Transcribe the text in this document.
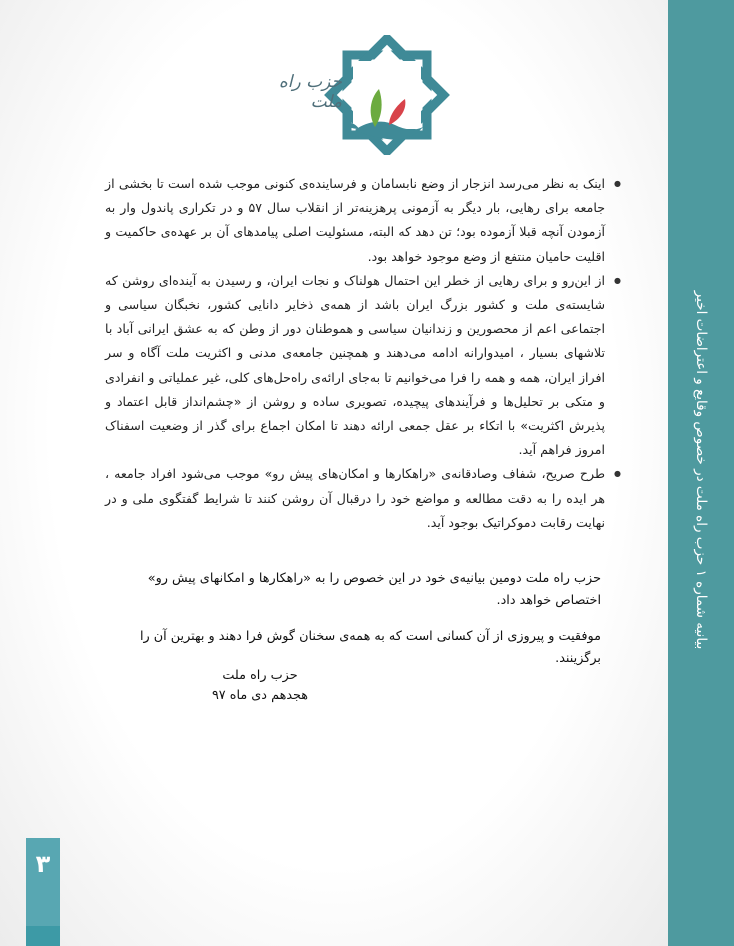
بیانیه شماره ۱ حزب راه ملت در خصوص وقایع و اعتراضات اخیر
حزب راه ملت
● اینک به نظر می‌رسد انزجار از وضع نابسامان و فرساینده‌ی کنونی موجب شده است تا بخشی از جامعه برای رهایی، بار دیگر به آزمونی پرهزینه‌تر از انقلاب سال ۵۷ و در تکراری پاندول وار به آزمودن آنچه قبلا آزموده بود؛ تن دهد که البته، مسئولیت اصلی پیامدهای آن بر عهده‌ی حاکمیت و اقلیت حامیان منتفع از وضع موجود خواهد بود.
● از این‌رو و برای رهایی از خطر این احتمال هولناک و نجات ایران، و رسیدن به آینده‌ای روشن که شایسته‌ی ملت و کشور بزرگ ایران باشد از همه‌ی ذخایر دانایی کشور، نخبگان سیاسی و اجتماعی اعم از محصورین و زندانیان سیاسی و هموطنان دور از وطن که به عشق ایرانی آباد با تلاشهای بسیار ، امیدوارانه ادامه می‌دهند و همچنین جامعه‌ی مدنی و اکثریت ملت آگاه و سر افراز ایران، همه و همه را فرا می‌خوانیم تا به‌جای ارائه‌ی راه‌حل‌های کلی، غیر عملیاتی و انفرادی و متکی بر تحلیل‌ها و فرآیندهای پیچیده، تصویری ساده و روشن از «چشم‌انداز قابل اعتماد و پذیرش اکثریت» با اتکاء بر عقل جمعی ارائه دهند تا امکان اجماع برای گذر از وضعیت اسفناک امروز فراهم آید.
● طرح صریح، شفاف وصادقانه‌ی «راهکارها و امکان‌های پیش رو» موجب می‌شود افراد جامعه ، هر ایده را به دقت مطالعه و مواضع خود را درقبال آن روشن کنند تا شرایط گفتگوی ملی و در نهایت رقابت دموکراتیک بوجود آید.

حزب راه ملت دومین بیانیه‌ی خود در این خصوص را به «راهکارها و امکانهای پیش رو» اختصاص خواهد داد.

موفقیت و پیروزی از آن کسانی است که به همه‌ی سخنان گوش فرا دهند و بهترین آن را برگزینند.

حزب راه ملت
هجدهم دی ماه ۹۷
۳
